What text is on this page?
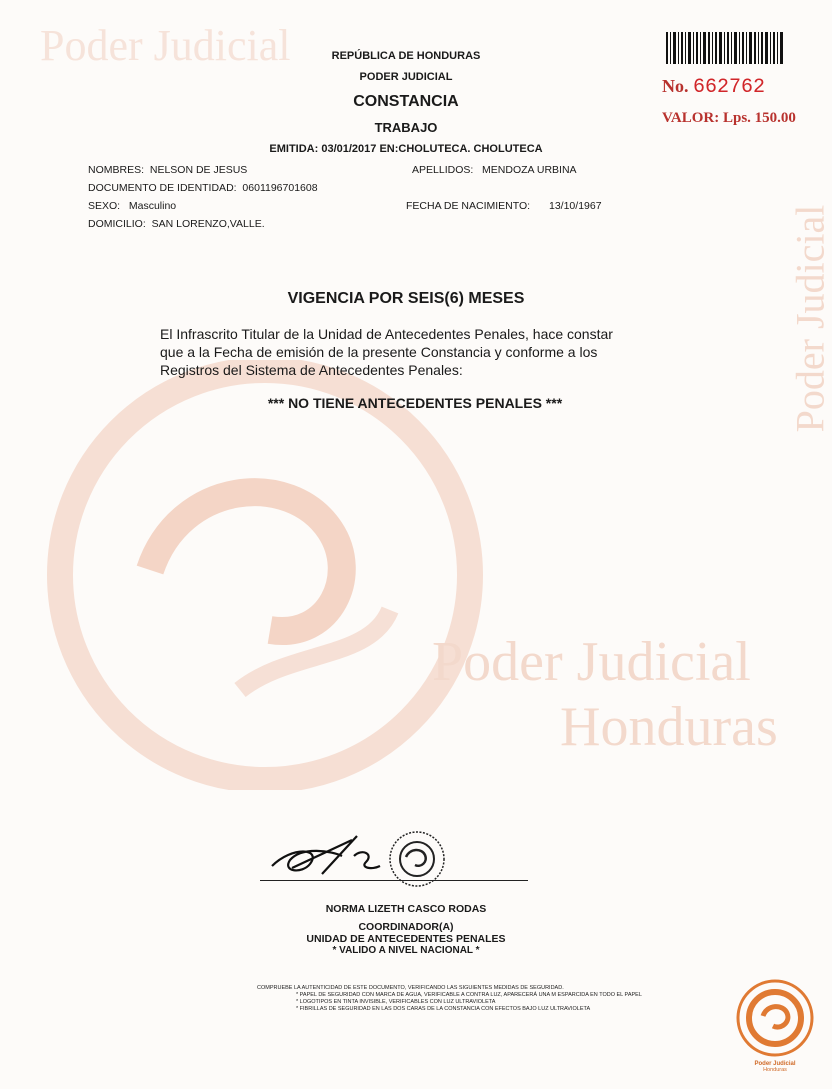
Poder Judicial
Poder Judicial
Poder Judicial
Honduras
No. 662762
VALOR: Lps. 150.00
REPÚBLICA DE HONDURAS
PODER JUDICIAL
CONSTANCIA
TRABAJO
EMITIDA: 03/01/2017 EN:CHOLUTECA. CHOLUTECA
NOMBRES: NELSON DE JESUS	APELLIDOS: MENDOZA URBINA
DOCUMENTO DE IDENTIDAD: 0601196701608
SEXO: Masculino	FECHA DE NACIMIENTO: 13/10/1967
DOMICILIO: SAN LORENZO,VALLE.
VIGENCIA POR SEIS(6) MESES
El Infrascrito Titular de la Unidad de Antecedentes Penales, hace constar
que a la Fecha de emisión de la presente Constancia y conforme a los
Registros del Sistema de Antecedentes Penales:
*** NO TIENE ANTECEDENTES PENALES ***
NORMA LIZETH CASCO RODAS
COORDINADOR(A)
UNIDAD DE ANTECEDENTES PENALES
* VALIDO A NIVEL NACIONAL *
COMPRUEBE LA AUTENTICIDAD DE ESTE DOCUMENTO, VERIFICANDO LAS SIGUIENTES MEDIDAS DE SEGURIDAD.
* PAPEL DE SEGURIDAD CON MARCA DE AGUA, VERIFICABLE A CONTRA LUZ, APARECERÁ UNA M ESPARCIDA EN TODO EL PAPEL
* LOGOTIPOS EN TINTA INVISIBLE, VERIFICABLES CON LUZ ULTRAVIOLETA
* FIBRILLAS DE SEGURIDAD EN LAS DOS CARAS DE LA CONSTANCIA CON EFECTOS BAJO LUZ ULTRAVIOLETA
Poder Judicial
Honduras
